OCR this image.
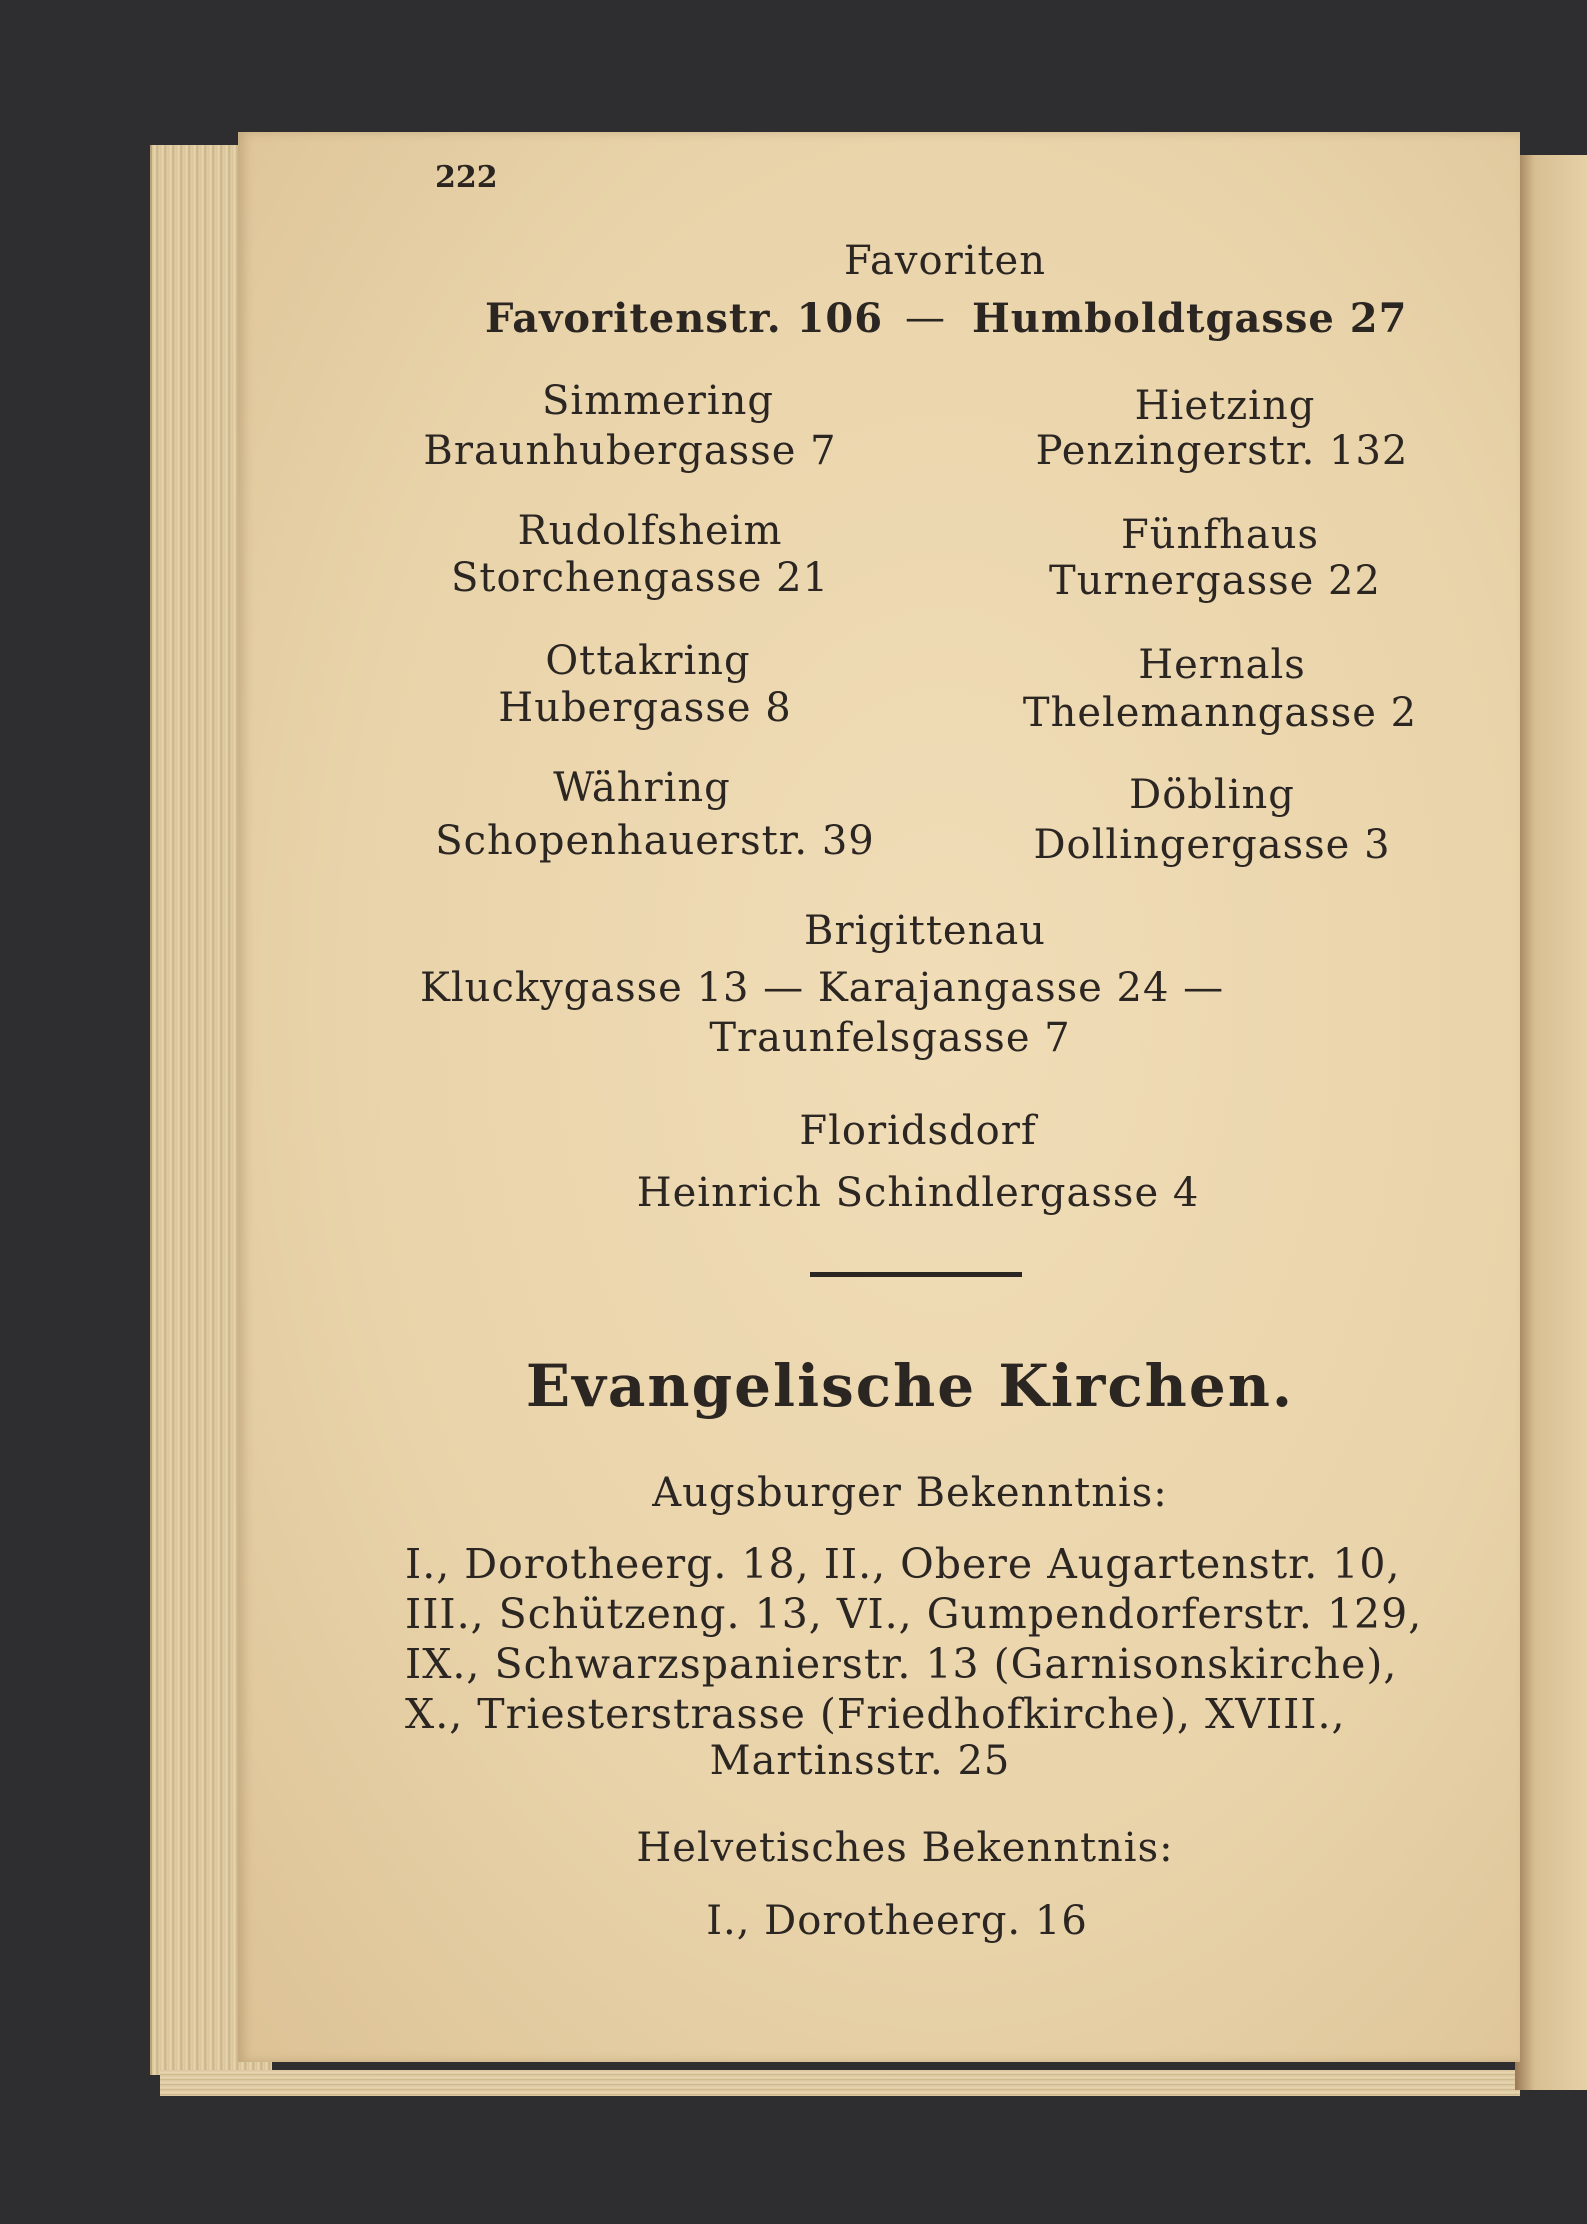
222
Favoriten
Favoritenstr. 106 — Humboldtgasse 27
Simmering
Braunhubergasse 7
Hietzing
Penzingerstr. 132
Rudolfsheim
Storchengasse 21
Fünfhaus
Turnergasse 22
Ottakring
Hubergasse 8
Hernals
Thelemanngasse 2
Währing
Schopenhauerstr. 39
Döbling
Dollingergasse 3
Brigittenau
Kluckygasse 13 — Karajangasse 24 —
Traunfelsgasse 7
Floridsdorf
Heinrich Schindlergasse 4
Evangelische Kirchen.
Augsburger Bekenntnis:
I., Dorotheerg. 18, II., Obere Augartenstr. 10,
III., Schützeng. 13, VI., Gumpendorferstr. 129,
IX., Schwarzspanierstr. 13 (Garnisonskirche),
X., Triesterstrasse (Friedhofkirche), XVIII.,
Martinsstr. 25
Helvetisches Bekenntnis:
I., Dorotheerg. 16
